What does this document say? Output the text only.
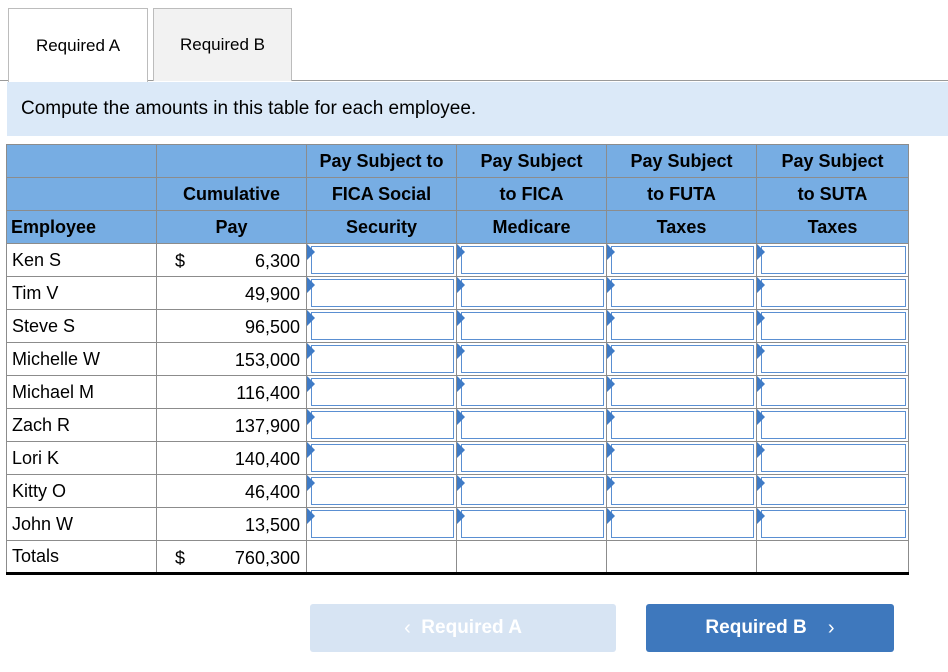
Required A	Required B
Compute the amounts in this table for each employee.
		Pay Subject to	Pay Subject	Pay Subject	Pay Subject
	Cumulative	FICA Social	to FICA	to FUTA	to SUTA
Employee	Pay	Security	Medicare	Taxes	Taxes
Ken S	$ 6,300				

Tim V	49,900				

Steve S	96,500				

Michelle W	153,000				

Michael M	116,400				

Zach R	137,900				

Lori K	140,400				

Kitty O	46,400				

John W	13,500				

Totals	$ 760,300				

‹
Required A	Required B
›
